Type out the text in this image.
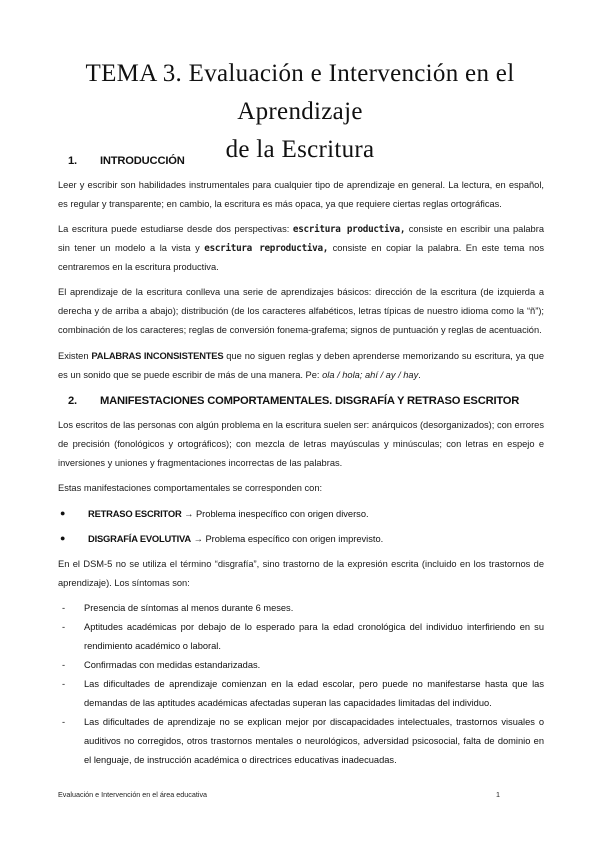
TEMA 3. Evaluación e Intervención en el Aprendizaje
de la Escritura
1.	INTRODUCCIÓN

Leer y escribir son habilidades instrumentales para cualquier tipo de aprendizaje en general. La lectura, en español, es regular y transparente; en cambio, la escritura es más opaca, ya que requiere ciertas reglas ortográficas.

La escritura puede estudiarse desde dos perspectivas: escritura productiva, consiste en escribir una palabra sin tener un modelo a la vista y escritura reproductiva, consiste en copiar la palabra. En este tema nos centraremos en la escritura productiva.

El aprendizaje de la escritura conlleva una serie de aprendizajes básicos: dirección de la escritura (de izquierda a derecha y de arriba a abajo); distribución (de los caracteres alfabéticos, letras típicas de nuestro idioma como la “ñ”); combinación de los caracteres; reglas de conversión fonema-grafema; signos de puntuación y reglas de acentuación.

Existen PALABRAS INCONSISTENTES que no siguen reglas y deben aprenderse memorizando su escritura, ya que es un sonido que se puede escribir de más de una manera. Pe: ola / hola; ahí / ay / hay.

2.	MANIFESTACIONES COMPORTAMENTALES. DISGRAFÍA Y RETRASO ESCRITOR

Los escritos de las personas con algún problema en la escritura suelen ser: anárquicos (desorganizados); con errores de precisión (fonológicos y ortográficos); con mezcla de letras mayúsculas y minúsculas; con letras en espejo e inversiones y uniones y fragmentaciones incorrectas de las palabras.

Estas manifestaciones comportamentales se corresponden con:

●	RETRASO ESCRITOR → Problema inespecífico con origen diverso.
●	DISGRAFÍA EVOLUTIVA → Problema específico con origen imprevisto.

En el DSM-5 no se utiliza el término “disgrafía”, sino trastorno de la expresión escrita (incluido en los trastornos de aprendizaje). Los síntomas son:

-	Presencia de síntomas al menos durante 6 meses.
-	Aptitudes académicas por debajo de lo esperado para la edad cronológica del individuo interfiriendo en su rendimiento académico o laboral.
-	Confirmadas con medidas estandarizadas.
-	Las dificultades de aprendizaje comienzan en la edad escolar, pero puede no manifestarse hasta que las demandas de las aptitudes académicas afectadas superan las capacidades limitadas del individuo.
-	Las dificultades de aprendizaje no se explican mejor por discapacidades intelectuales, trastornos visuales o auditivos no corregidos, otros trastornos mentales o neurológicos, adversidad psicosocial, falta de dominio en el lenguaje, de instrucción académica o directrices educativas inadecuadas.
Evaluación e Intervención en el área educativa	1
